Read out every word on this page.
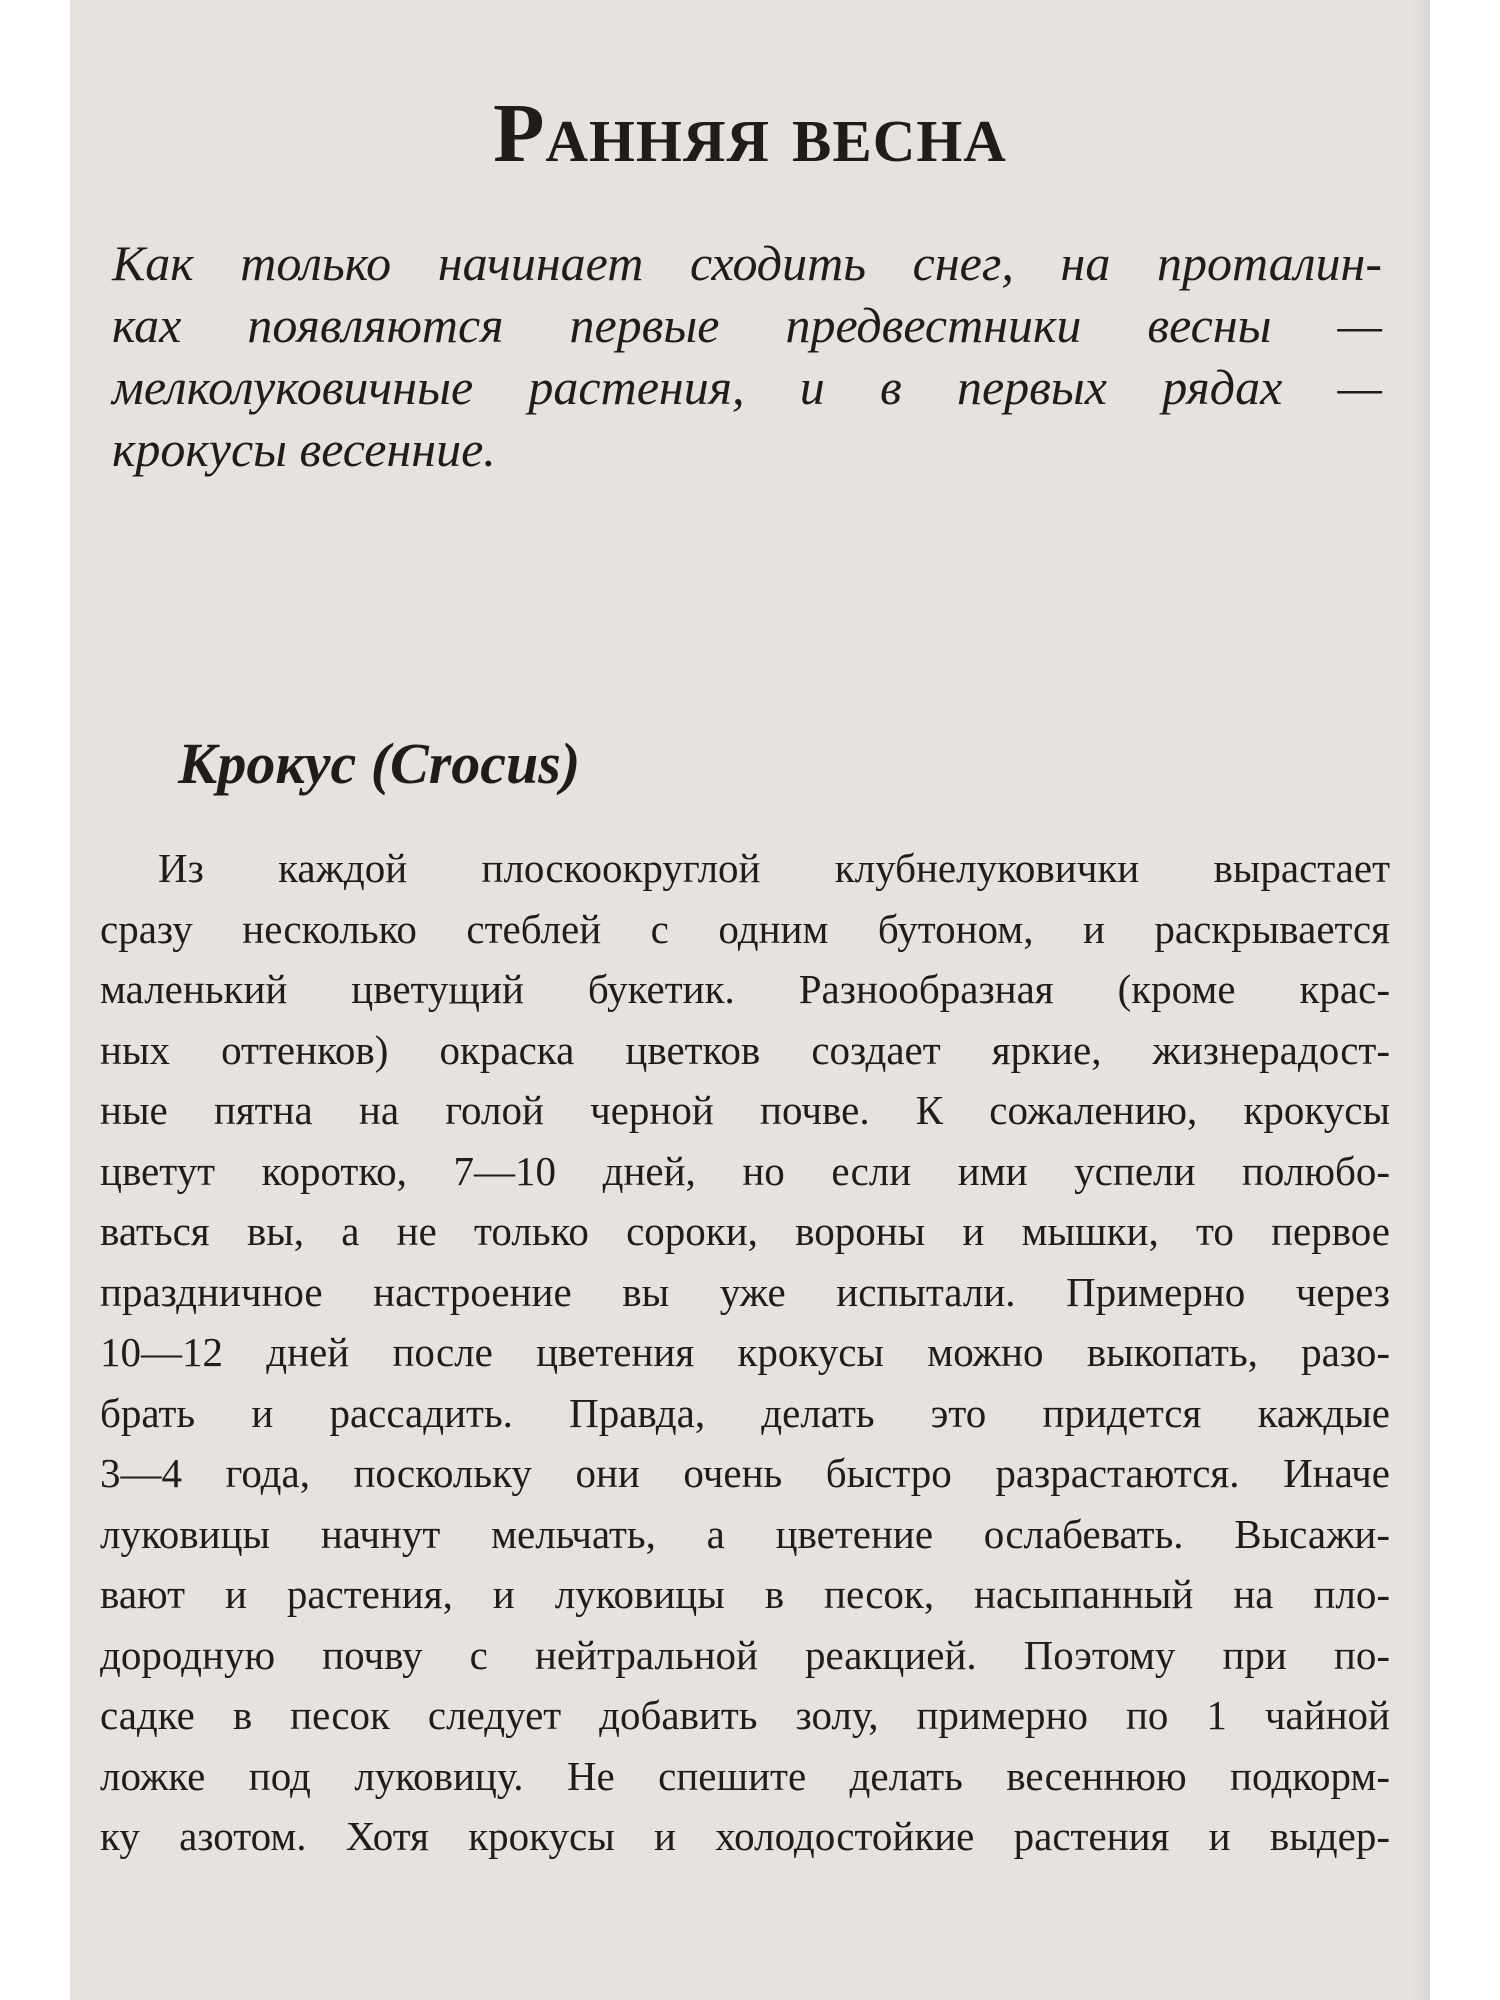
Ранняя весна

Как только начинает сходить снег, на проталин-
ках появляются первые предвестники весны —
мелколуковичные растения, и в первых рядах —
крокусы весенние.

Крокус (Crocus)

Из каждой плоскоокруглой клубнелуковички вырастает
сразу несколько стеблей с одним бутоном, и раскрывается
маленький цветущий букетик. Разнообразная (кроме крас-
ных оттенков) окраска цветков создает яркие, жизнерадост-
ные пятна на голой черной почве. К сожалению, крокусы
цветут коротко, 7—10 дней, но если ими успели полюбо-
ваться вы, а не только сороки, вороны и мышки, то первое
праздничное настроение вы уже испытали. Примерно через
10—12 дней после цветения крокусы можно выкопать, разо-
брать и рассадить. Правда, делать это придется каждые
3—4 года, поскольку они очень быстро разрастаются. Иначе
луковицы начнут мельчать, а цветение ослабевать. Высажи-
вают и растения, и луковицы в песок, насыпанный на пло-
дородную почву с нейтральной реакцией. Поэтому при по-
садке в песок следует добавить золу, примерно по 1 чайной
ложке под луковицу. Не спешите делать весеннюю подкорм-
ку азотом. Хотя крокусы и холодостойкие растения и выдер-
